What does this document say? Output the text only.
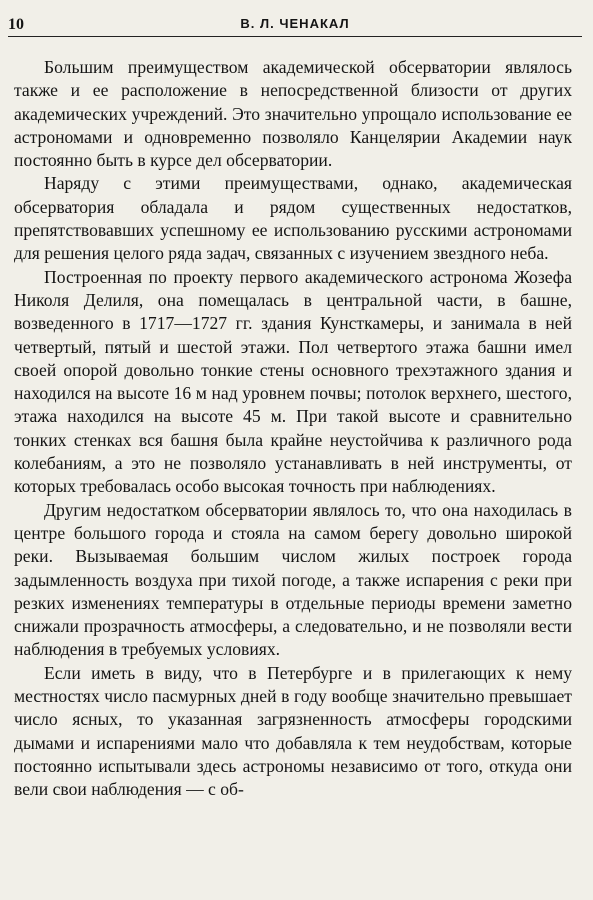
10	В. Л. ЧЕНАКАЛ

Большим преимуществом академической обсерватории являлось также и ее расположение в непосредственной близости от других академических учреждений. Это значительно упрощало использование ее астрономами и одновременно позволяло Канцелярии Академии наук постоянно быть в курсе дел обсерватории.

Наряду с этими преимуществами, однако, академическая обсерватория обладала и рядом существенных недостатков, препятствовавших успешному ее использованию русскими астрономами для решения целого ряда задач, связанных с изучением звездного неба.

Построенная по проекту первого академического астронома Жозефа Николя Делиля, она помещалась в центральной части, в башне, возведенного в 1717—1727 гг. здания Кунсткамеры, и занимала в ней четвертый, пятый и шестой этажи. Пол четвертого этажа башни имел своей опорой довольно тонкие стены основного трехэтажного здания и находился на высоте 16 м над уровнем почвы; потолок верхнего, шестого, этажа находился на высоте 45 м. При такой высоте и сравнительно тонких стенках вся башня была крайне неустойчива к различного рода колебаниям, а это не позволяло устанавливать в ней инструменты, от которых требовалась особо высокая точность при наблюдениях.

Другим недостатком обсерватории являлось то, что она находилась в центре большого города и стояла на самом берегу довольно широкой реки. Вызываемая большим числом жилых построек города задымленность воздуха при тихой погоде, а также испарения с реки при резких изменениях температуры в отдельные периоды времени заметно снижали прозрачность атмосферы, а следовательно, и не позволяли вести наблюдения в требуемых условиях.

Если иметь в виду, что в Петербурге и в прилегающих к нему местностях число пасмурных дней в году вообще значительно превышает число ясных, то указанная загрязненность атмосферы городскими дымами и испарениями мало что добавляла к тем неудобствам, которые постоянно испытывали здесь астрономы независимо от того, откуда они вели свои наблюдения — с об-
